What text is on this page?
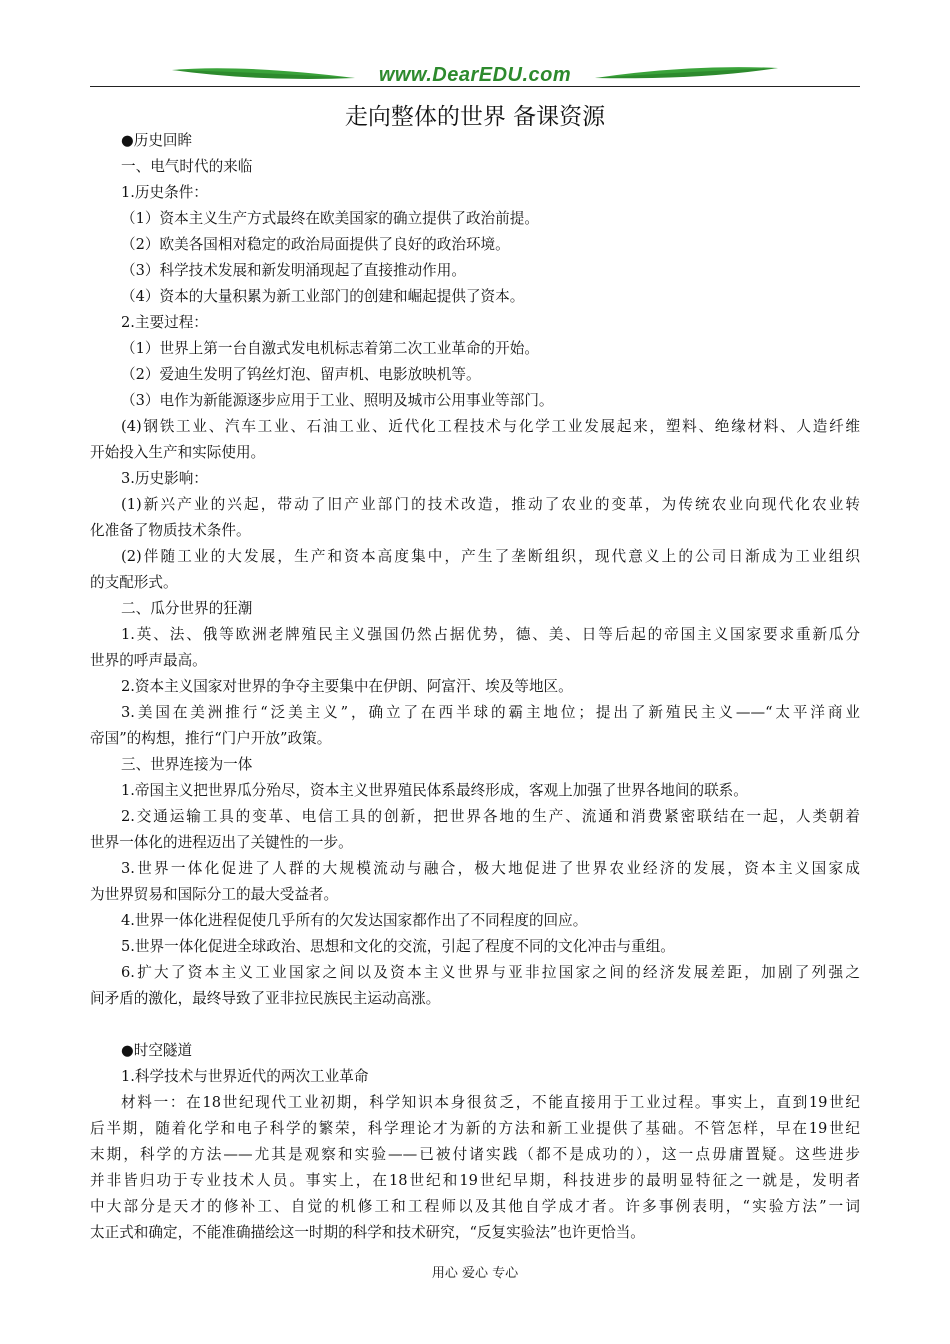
www.DearEDU.com
走向整体的世界 备课资源
●历史回眸
一、电气时代的来临
1.历史条件：
（1）资本主义生产方式最终在欧美国家的确立提供了政治前提。
（2）欧美各国相对稳定的政治局面提供了良好的政治环境。
（3）科学技术发展和新发明涌现起了直接推动作用。
（4）资本的大量积累为新工业部门的创建和崛起提供了资本。
2.主要过程：
（1）世界上第一台自激式发电机标志着第二次工业革命的开始。
（2）爱迪生发明了钨丝灯泡、留声机、电影放映机等。
（3）电作为新能源逐步应用于工业、照明及城市公用事业等部门。
(4)钢铁工业、汽车工业、石油工业、近代化工程技术与化学工业发展起来，塑料、绝缘材料、人造纤维
开始投入生产和实际使用。
3.历史影响：
(1)新兴产业的兴起，带动了旧产业部门的技术改造，推动了农业的变革，为传统农业向现代化农业转
化准备了物质技术条件。
(2)伴随工业的大发展，生产和资本高度集中，产生了垄断组织，现代意义上的公司日渐成为工业组织
的支配形式。
二、瓜分世界的狂潮
1.英、法、俄等欧洲老牌殖民主义强国仍然占据优势，德、美、日等后起的帝国主义国家要求重新瓜分
世界的呼声最高。
2.资本主义国家对世界的争夺主要集中在伊朗、阿富汗、埃及等地区。
3.美国在美洲推行“泛美主义”，确立了在西半球的霸主地位；提出了新殖民主义——“太平洋商业
帝国”的构想，推行“门户开放”政策。
三、世界连接为一体
1.帝国主义把世界瓜分殆尽，资本主义世界殖民体系最终形成，客观上加强了世界各地间的联系。
2.交通运输工具的变革、电信工具的创新，把世界各地的生产、流通和消费紧密联结在一起，人类朝着
世界一体化的进程迈出了关键性的一步。
3.世界一体化促进了人群的大规模流动与融合，极大地促进了世界农业经济的发展，资本主义国家成
为世界贸易和国际分工的最大受益者。
4.世界一体化进程促使几乎所有的欠发达国家都作出了不同程度的回应。
5.世界一体化促进全球政治、思想和文化的交流，引起了程度不同的文化冲击与重组。
6.扩大了资本主义工业国家之间以及资本主义世界与亚非拉国家之间的经济发展差距，加剧了列强之
间矛盾的激化，最终导致了亚非拉民族民主运动高涨。
●时空隧道
1.科学技术与世界近代的两次工业革命
材料一：在18世纪现代工业初期，科学知识本身很贫乏，不能直接用于工业过程。事实上，直到19世纪
后半期，随着化学和电子科学的繁荣，科学理论才为新的方法和新工业提供了基础。不管怎样，早在19世纪
末期，科学的方法——尤其是观察和实验——已被付诸实践（都不是成功的），这一点毋庸置疑。这些进步
并非皆归功于专业技术人员。事实上，在18世纪和19世纪早期，科技进步的最明显特征之一就是，发明者
中大部分是天才的修补工、自觉的机修工和工程师以及其他自学成才者。许多事例表明，“实验方法”一词
太正式和确定，不能准确描绘这一时期的科学和技术研究，“反复实验法”也许更恰当。
用心 爱心 专心
